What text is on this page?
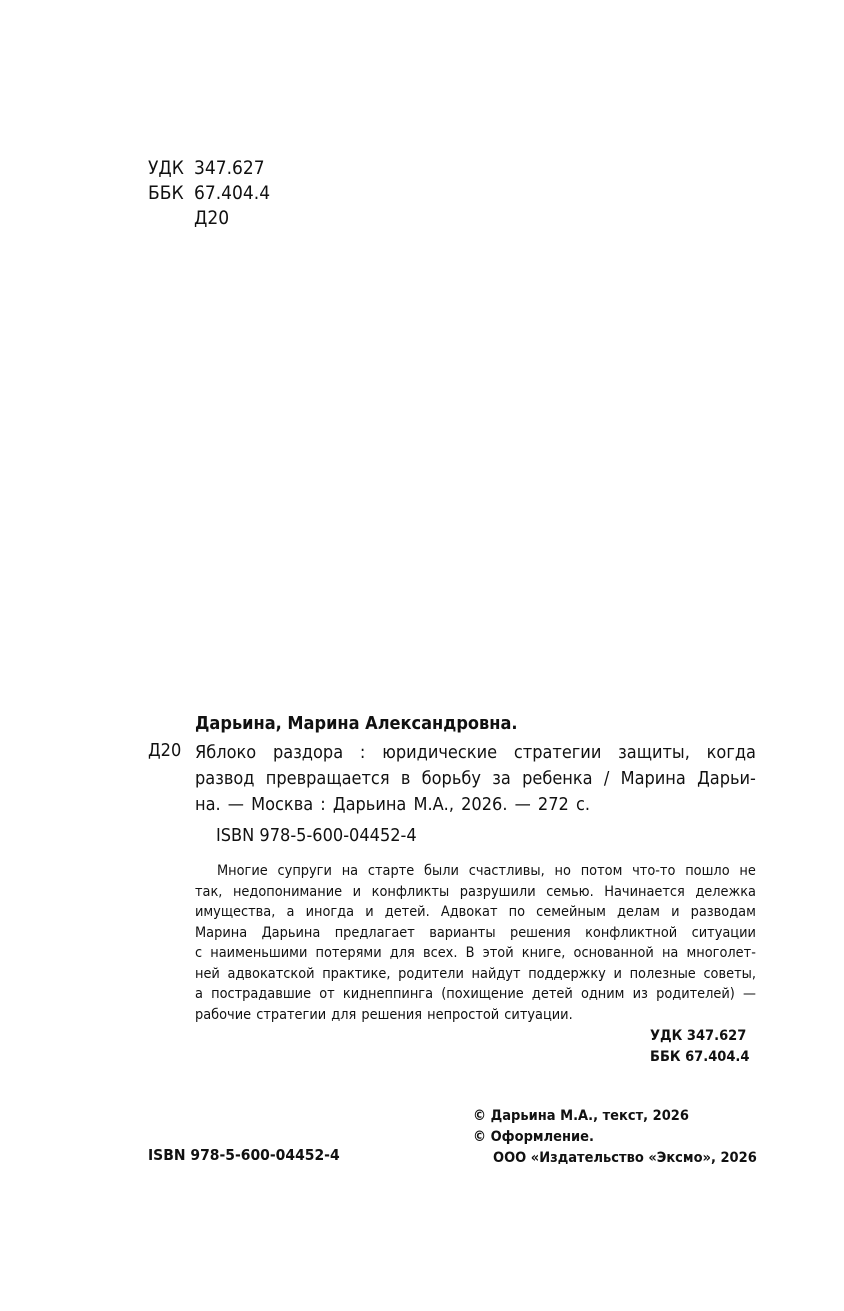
УДК 347.627
ББК 67.404.4
Д20
Дарьина, Марина Александровна.
Д20 Яблоко раздора : юридические стратегии защиты, когда
развод превращается в борьбу за ребенка / Марина Дарьи-
на. — Москва : Дарьина М.А., 2026. — 272 с.
ISBN 978-5-600-04452-4
Многие супруги на старте были счастливы, но потом что-то пошло не
так, недопонимание и конфликты разрушили семью. Начинается дележка
имущества, а иногда и детей. Адвокат по семейным делам и разводам
Марина Дарьина предлагает варианты решения конфликтной ситуации
с наименьшими потерями для всех. В этой книге, основанной на многолет-
ней адвокатской практике, родители найдут поддержку и полезные советы,
а пострадавшие от киднеппинга (похищение детей одним из родителей) —
рабочие стратегии для решения непростой ситуации.
УДК 347.627
ББК 67.404.4
© Дарьина М.А., текст, 2026
© Оформление.
ООО «Издательство «Эксмо», 2026
ISBN 978-5-600-04452-4
